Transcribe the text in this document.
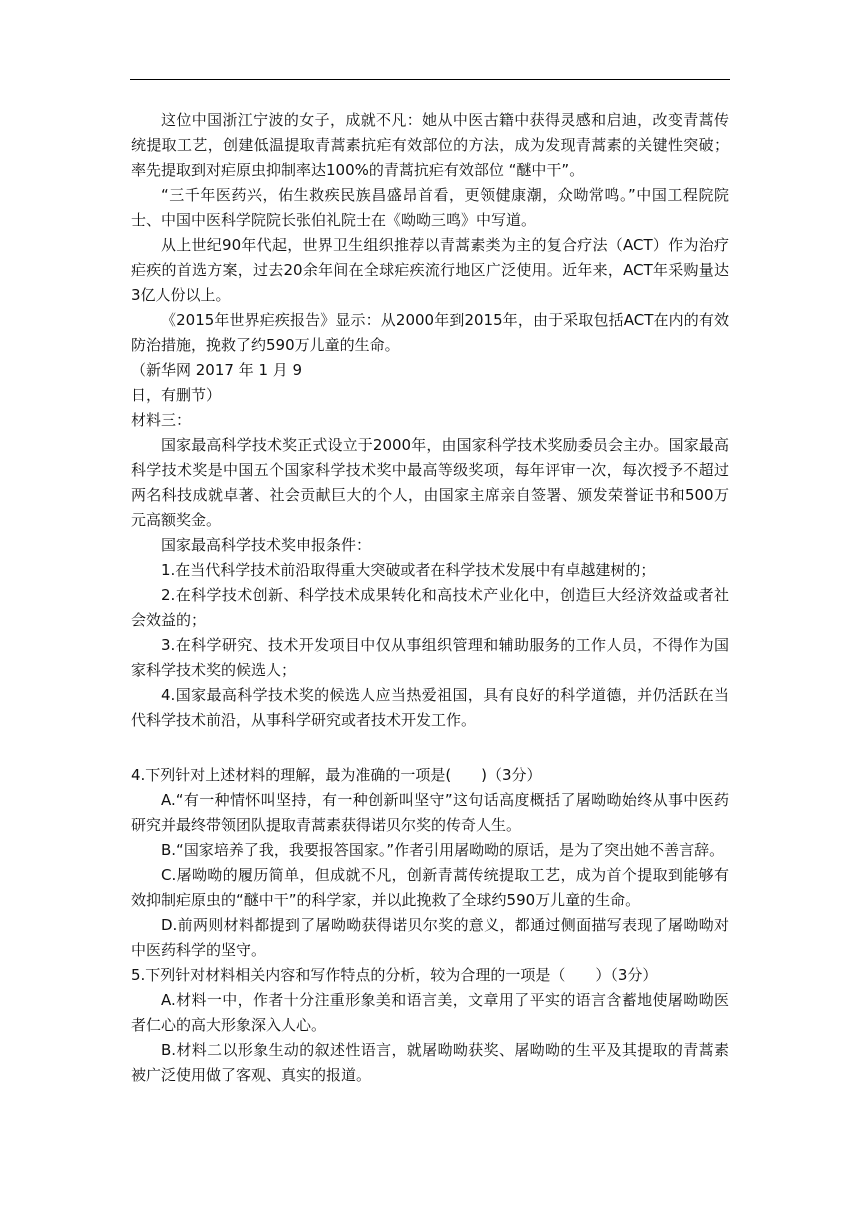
这位中国浙江宁波的女子，成就不凡：她从中医古籍中获得灵感和启迪，改变青蒿传统提取工艺，创建低温提取青蒿素抗疟有效部位的方法，成为发现青蒿素的关键性突破；率先提取到对疟原虫抑制率达100%的青蒿抗疟有效部位 “醚中干”。

“三千年医药兴，佑生救疾民族昌盛昂首看，更领健康潮，众呦常鸣。”中国工程院院士、中国中医科学院院长张伯礼院士在《呦呦三鸣》中写道。

从上世纪90年代起，世界卫生组织推荐以青蒿素类为主的复合疗法（ACT）作为治疗疟疾的首选方案，过去20余年间在全球疟疾流行地区广泛使用。近年来，ACT年采购量达3亿人份以上。

《2015年世界疟疾报告》显示：从2000年到2015年，由于采取包括ACT在内的有效防治措施，挽救了约590万儿童的生命。

（新华网 2017 年 1 月 9

日，有删节）

材料三：

国家最高科学技术奖正式设立于2000年，由国家科学技术奖励委员会主办。国家最高科学技术奖是中国五个国家科学技术奖中最高等级奖项，每年评审一次，每次授予不超过两名科技成就卓著、社会贡献巨大的个人，由国家主席亲自签署、颁发荣誉证书和500万元高额奖金。

国家最高科学技术奖申报条件：

1.在当代科学技术前沿取得重大突破或者在科学技术发展中有卓越建树的；

2.在科学技术创新、科学技术成果转化和高技术产业化中，创造巨大经济效益或者社会效益的；

3.在科学研究、技术开发项目中仅从事组织管理和辅助服务的工作人员，不得作为国家科学技术奖的候选人；

4.国家最高科学技术奖的候选人应当热爱祖国，具有良好的科学道德，并仍活跃在当代科学技术前沿，从事科学研究或者技术开发工作。

4.下列针对上述材料的理解，最为准确的一项是(　　)（3分）

A.“有一种情怀叫坚持，有一种创新叫坚守”这句话高度概括了屠呦呦始终从事中医药研究并最终带领团队提取青蒿素获得诺贝尔奖的传奇人生。

B.“国家培养了我，我要报答国家。”作者引用屠呦呦的原话，是为了突出她不善言辞。

C.屠呦呦的履历简单，但成就不凡，创新青蒿传统提取工艺，成为首个提取到能够有效抑制疟原虫的“醚中干”的科学家，并以此挽救了全球约590万儿童的生命。

D.前两则材料都提到了屠呦呦获得诺贝尔奖的意义，都通过侧面描写表现了屠呦呦对中医药科学的坚守。

5.下列针对材料相关内容和写作特点的分析，较为合理的一项是（　　）（3分）

A.材料一中，作者十分注重形象美和语言美，文章用了平实的语言含蓄地使屠呦呦医者仁心的高大形象深入人心。

B.材料二以形象生动的叙述性语言，就屠呦呦获奖、屠呦呦的生平及其提取的青蒿素被广泛使用做了客观、真实的报道。
